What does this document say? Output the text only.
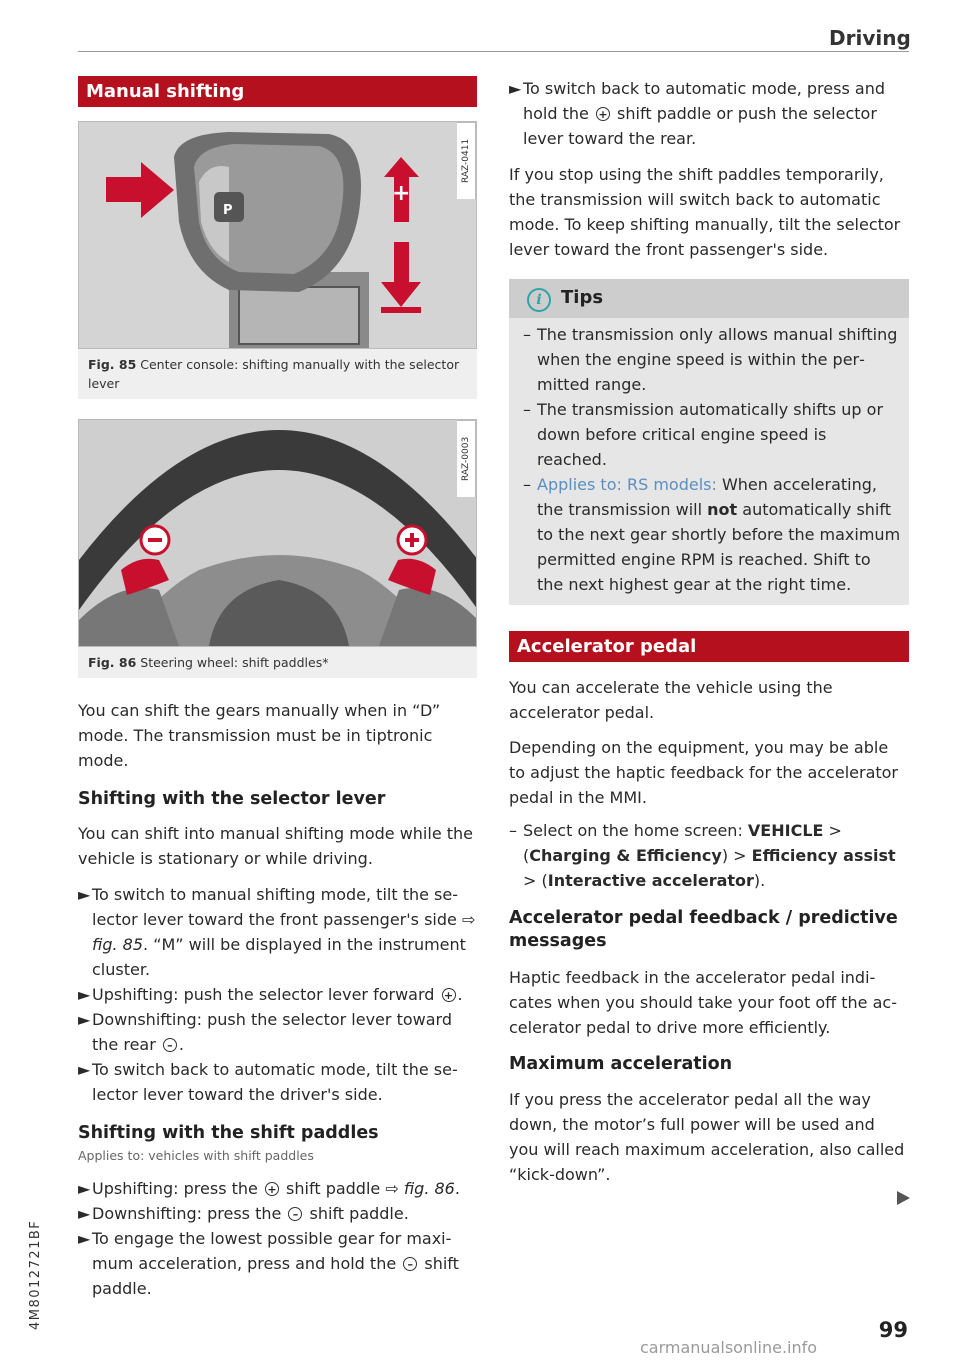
Driving
Manual shifting
P
+
RAZ-0411
Fig. 85 Center console: shifting manually with the selector lever
RAZ-0003
Fig. 86 Steering wheel: shift paddles*

You can shift the gears manually when in “D” mode. The transmission must be in tiptronic mode.

Shifting with the selector lever

You can shift into manual shifting mode while the vehicle is stationary or while driving.

► To switch to manual shifting mode, tilt the selector lever toward the front passenger's side ⇨ fig. 85. “M” will be displayed in the instrument cluster.
► Upshifting: push the selector lever forward + .
► Downshifting: push the selector lever toward the rear – .
► To switch back to automatic mode, tilt the selector lever toward the driver's side.
Shifting with the shift paddles
Applies to: vehicles with shift paddles
► Upshifting: press the + shift paddle ⇨ fig. 86.
► Downshifting: press the – shift paddle.
► To engage the lowest possible gear for maximum acceleration, press and hold the – shift paddle.
► To switch back to automatic mode, press and hold the + shift paddle or push the selector lever toward the rear.

If you stop using the shift paddles temporarily, the transmission will switch back to automatic mode. To keep shifting manually, tilt the selector lever toward the front passenger's side.

i	Tips
– The transmission only allows manual shifting when the engine speed is within the permitted range.
– The transmission automatically shifts up or down before critical engine speed is reached.
– Applies to: RS models: When accelerating, the transmission will not automatically shift to the next gear shortly before the maximum permitted engine RPM is reached. Shift to the next highest gear at the right time.
Accelerator pedal

You can accelerate the vehicle using the accelerator pedal.

Depending on the equipment, you may be able to adjust the haptic feedback for the accelerator pedal in the MMI.

– Select on the home screen: VEHICLE > (Charging & Efficiency) > Efficiency assist > (Interactive accelerator).
Accelerator pedal feedback / predictive messages

Haptic feedback in the accelerator pedal indicates when you should take your foot off the accelerator pedal to drive more efficiently.

Maximum acceleration

If you press the accelerator pedal all the way down, the motor’s full power will be used and you will reach maximum acceleration, also called “kick-down”.

4M8012721BF	99
carmanualsonline.info
